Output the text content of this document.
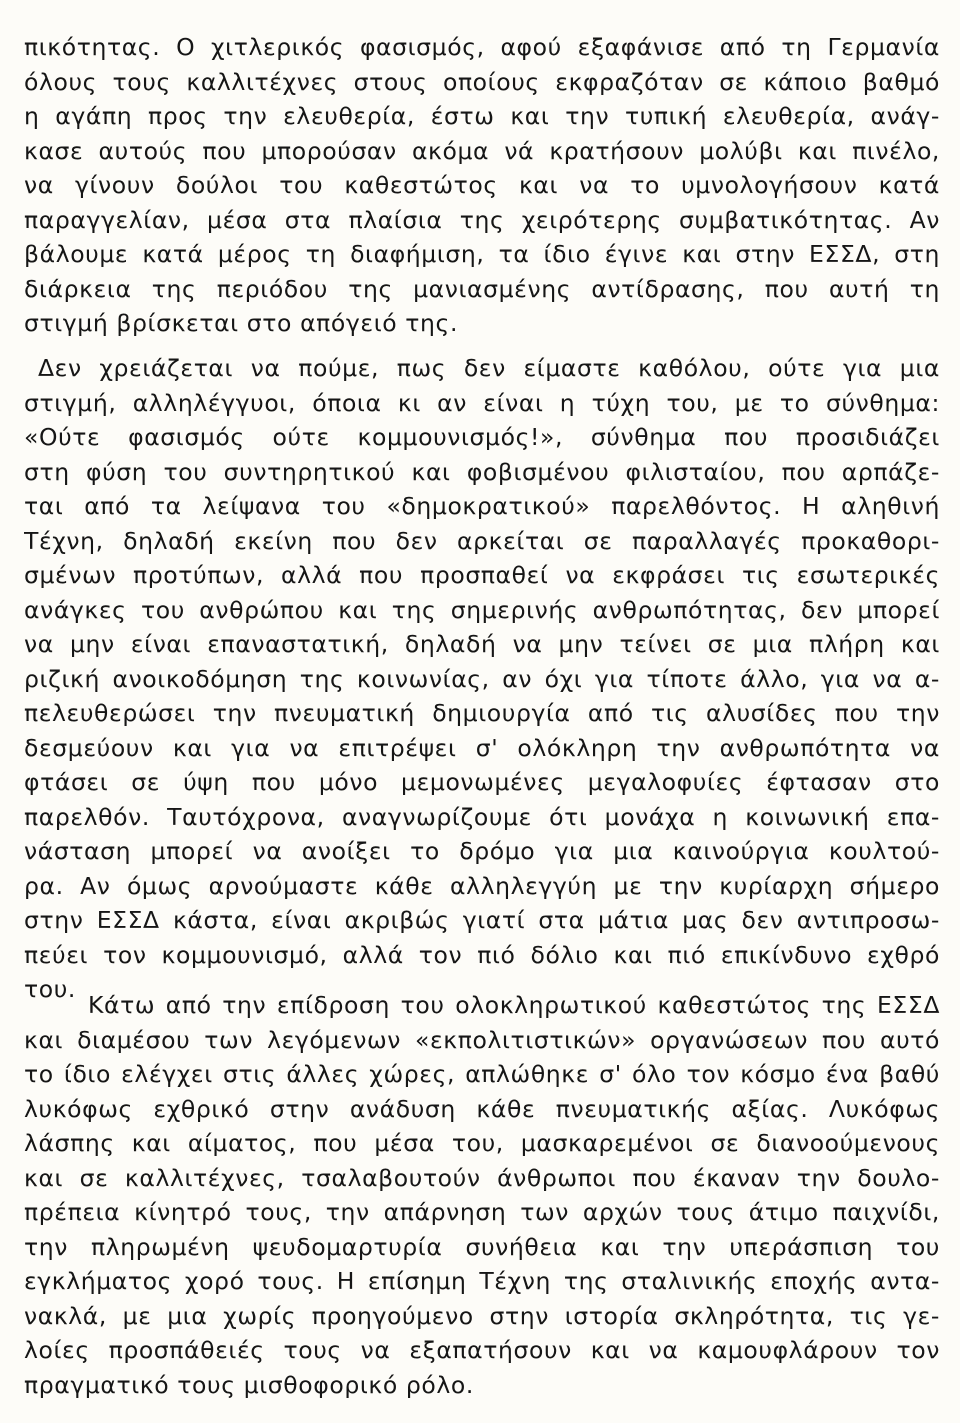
πικότητας. Ο χιτλερικός φασισμός, αφού εξαφάνισε από τη Γερμανία
όλους τους καλλιτέχνες στους οποίους εκφραζόταν σε κάποιο βαθμό
η αγάπη προς την ελευθερία, έστω και την τυπική ελευθερία, ανάγ-
κασε αυτούς που μπορούσαν ακόμα νά κρατήσουν μολύβι και πινέλο,
να γίνουν δούλοι του καθεστώτος και να το υμνολογήσουν κατά
παραγγελίαν, μέσα στα πλαίσια της χειρότερης συμβατικότητας. Αν
βάλουμε κατά μέρος τη διαφήμιση, τα ίδιο έγινε και στην ΕΣΣΔ, στη
διάρκεια της περιόδου της μανιασμένης αντίδρασης, που αυτή τη
στιγμή βρίσκεται στο απόγειό της.
Δεν χρειάζεται να πούμε, πως δεν είμαστε καθόλου, ούτε για μια
στιγμή, αλληλέγγυοι, όποια κι αν είναι η τύχη του, με το σύνθημα:
«Ούτε φασισμός ούτε κομμουνισμός!», σύνθημα που προσιδιάζει
στη φύση του συντηρητικού και φοβισμένου φιλισταίου, που αρπάζε-
ται από τα λείψανα του «δημοκρατικού» παρελθόντος. Η αληθινή
Τέχνη, δηλαδή εκείνη που δεν αρκείται σε παραλλαγές προκαθορι-
σμένων προτύπων, αλλά που προσπαθεί να εκφράσει τις εσωτερικές
ανάγκες του ανθρώπου και της σημερινής ανθρωπότητας, δεν μπορεί
να μην είναι επαναστατική, δηλαδή να μην τείνει σε μια πλήρη και
ριζική ανοικοδόμηση της κοινωνίας, αν όχι για τίποτε άλλο, για να α-
πελευθερώσει την πνευματική δημιουργία από τις αλυσίδες που την
δεσμεύουν και για να επιτρέψει σ' ολόκληρη την ανθρωπότητα να
φτάσει σε ύψη που μόνο μεμονωμένες μεγαλοφυίες έφτασαν στο
παρελθόν. Ταυτόχρονα, αναγνωρίζουμε ότι μονάχα η κοινωνική επα-
νάσταση μπορεί να ανοίξει το δρόμο για μια καινούργια κουλτού-
ρα. Αν όμως αρνούμαστε κάθε αλληλεγγύη με την κυρίαρχη σήμερο
στην ΕΣΣΔ κάστα, είναι ακριβώς γιατί στα μάτια μας δεν αντιπροσω-
πεύει τον κομμουνισμό, αλλά τον πιό δόλιο και πιό επικίνδυνο εχθρό
του.
Κάτω από την επίδροση του ολοκληρωτικού καθεστώτος της ΕΣΣΔ
και διαμέσου των λεγόμενων «εκπολιτιστικών» οργανώσεων που αυτό
το ίδιο ελέγχει στις άλλες χώρες, απλώθηκε σ' όλο τον κόσμο ένα βαθύ
λυκόφως εχθρικό στην ανάδυση κάθε πνευματικής αξίας. Λυκόφως
λάσπης και αίματος, που μέσα του, μασκαρεμένοι σε διανοούμενους
και σε καλλιτέχνες, τσαλαβουτούν άνθρωποι που έκαναν την δουλο-
πρέπεια κίνητρό τους, την απάρνηση των αρχών τους άτιμο παιχνίδι,
την πληρωμένη ψευδομαρτυρία συνήθεια και την υπεράσπιση του
εγκλήματος χορό τους. Η επίσημη Τέχνη της σταλινικής εποχής αντα-
νακλά, με μια χωρίς προηγούμενο στην ιστορία σκληρότητα, τις γε-
λοίες προσπάθειές τους να εξαπατήσουν και να καμουφλάρουν τον
πραγματικό τους μισθοφορικό ρόλο.
